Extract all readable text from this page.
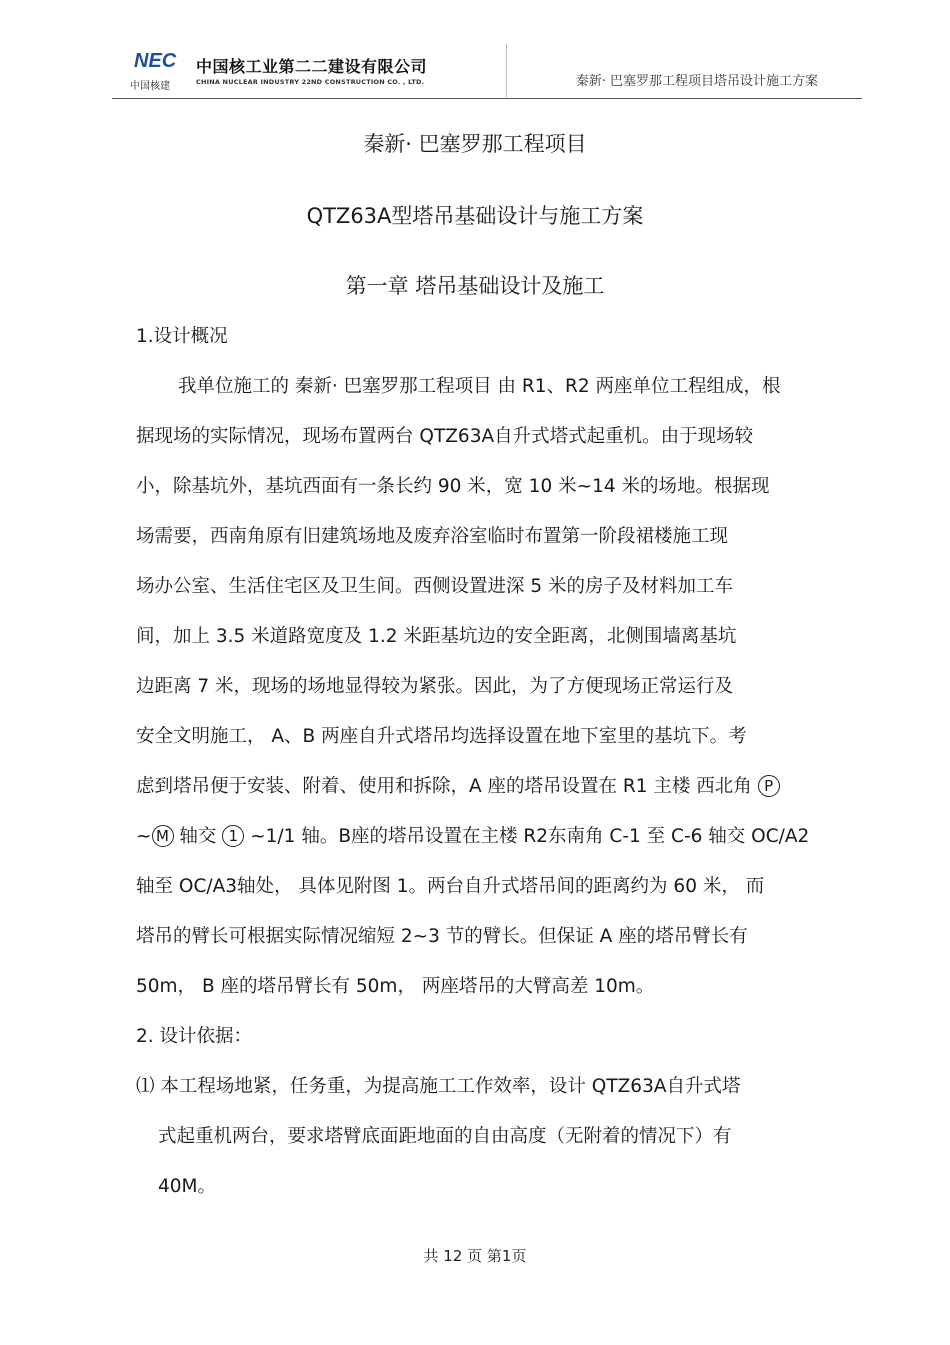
NEC
中国核建
中国核工业第二二建设有限公司
CHINA NUCLEAR INDUSTRY 22ND CONSTRUCTION CO. , LTD.	秦新· 巴塞罗那工程项目塔吊设计施工方案
秦新· 巴塞罗那工程项目
QTZ63A型塔吊基础设计与施工方案
第一章 塔吊基础设计及施工
1.设计概况
我单位施工的 秦新· 巴塞罗那工程项目 由 R1、R2 两座单位工程组成，根
据现场的实际情况，现场布置两台 QTZ63A自升式塔式起重机。由于现场较
小，除基坑外，基坑西面有一条长约 90 米，宽 10 米~14 米的场地。根据现
场需要，西南角原有旧建筑场地及废弃浴室临时布置第一阶段裙楼施工现
场办公室、生活住宅区及卫生间。西侧设置进深 5 米的房子及材料加工车
间，加上 3.5 米道路宽度及 1.2 米距基坑边的安全距离，北侧围墙离基坑
边距离 7 米，现场的场地显得较为紧张。因此，为了方便现场正常运行及
安全文明施工， A、B 两座自升式塔吊均选择设置在地下室里的基坑下。考
虑到塔吊便于安装、附着、使用和拆除，A 座的塔吊设置在 R1 主楼 西北角 P
~ M 轴交 1 ~1/1 轴。B座的塔吊设置在主楼 R2东南角 C-1 至 C-6 轴交 OC/A2
轴至 OC/A3轴处， 具体见附图 1。两台自升式塔吊间的距离约为 60 米， 而
塔吊的臂长可根据实际情况缩短 2~3 节的臂长。但保证 A 座的塔吊臂长有
50m， B 座的塔吊臂长有 50m， 两座塔吊的大臂高差 10m。
2. 设计依据：
⑴ 本工程场地紧，任务重，为提高施工工作效率，设计 QTZ63A自升式塔
式起重机两台，要求塔臂底面距地面的自由高度（无附着的情况下）有
40M。
共 12 页 第1页
